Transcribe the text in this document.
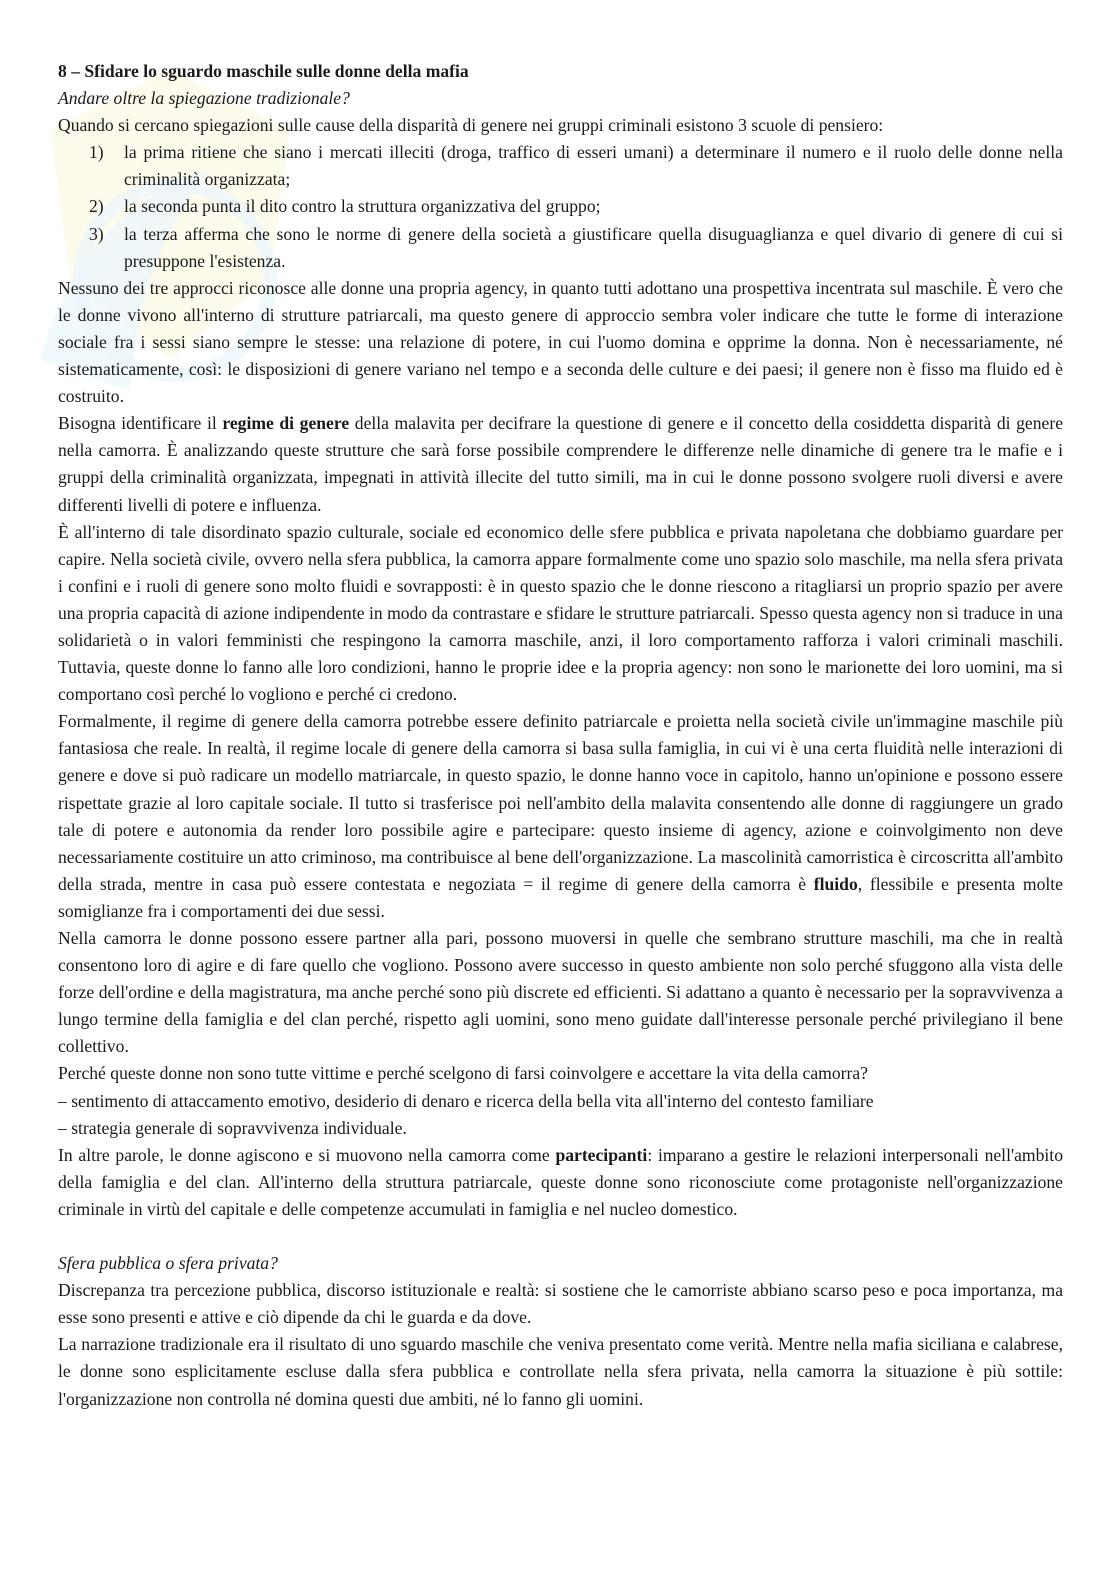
8 – Sfidare lo sguardo maschile sulle donne della mafia

Andare oltre la spiegazione tradizionale?

Quando si cercano spiegazioni sulle cause della disparità di genere nei gruppi criminali esistono 3 scuole di pensiero:

1) la prima ritiene che siano i mercati illeciti (droga, traffico di esseri umani) a determinare il numero e il ruolo delle donne nella criminalità organizzata;
2) la seconda punta il dito contro la struttura organizzativa del gruppo;
3) la terza afferma che sono le norme di genere della società a giustificare quella disuguaglianza e quel divario di genere di cui si presuppone l'esistenza.

Nessuno dei tre approcci riconosce alle donne una propria agency, in quanto tutti adottano una prospettiva incentrata sul maschile. È vero che le donne vivono all'interno di strutture patriarcali, ma questo genere di approccio sembra voler indicare che tutte le forme di interazione sociale fra i sessi siano sempre le stesse: una relazione di potere, in cui l'uomo domina e opprime la donna. Non è necessariamente, né sistematicamente, così: le disposizioni di genere variano nel tempo e a seconda delle culture e dei paesi; il genere non è fisso ma fluido ed è costruito.

Bisogna identificare il regime di genere della malavita per decifrare la questione di genere e il concetto della cosiddetta disparità di genere nella camorra. È analizzando queste strutture che sarà forse possibile comprendere le differenze nelle dinamiche di genere tra le mafie e i gruppi della criminalità organizzata, impegnati in attività illecite del tutto simili, ma in cui le donne possono svolgere ruoli diversi e avere differenti livelli di potere e influenza.

È all'interno di tale disordinato spazio culturale, sociale ed economico delle sfere pubblica e privata napoletana che dobbiamo guardare per capire. Nella società civile, ovvero nella sfera pubblica, la camorra appare formalmente come uno spazio solo maschile, ma nella sfera privata i confini e i ruoli di genere sono molto fluidi e sovrapposti: è in questo spazio che le donne riescono a ritagliarsi un proprio spazio per avere una propria capacità di azione indipendente in modo da contrastare e sfidare le strutture patriarcali. Spesso questa agency non si traduce in una solidarietà o in valori femministi che respingono la camorra maschile, anzi, il loro comportamento rafforza i valori criminali maschili. Tuttavia, queste donne lo fanno alle loro condizioni, hanno le proprie idee e la propria agency: non sono le marionette dei loro uomini, ma si comportano così perché lo vogliono e perché ci credono.

Formalmente, il regime di genere della camorra potrebbe essere definito patriarcale e proietta nella società civile un'immagine maschile più fantasiosa che reale. In realtà, il regime locale di genere della camorra si basa sulla famiglia, in cui vi è una certa fluidità nelle interazioni di genere e dove si può radicare un modello matriarcale, in questo spazio, le donne hanno voce in capitolo, hanno un'opinione e possono essere rispettate grazie al loro capitale sociale. Il tutto si trasferisce poi nell'ambito della malavita consentendo alle donne di raggiungere un grado tale di potere e autonomia da render loro possibile agire e partecipare: questo insieme di agency, azione e coinvolgimento non deve necessariamente costituire un atto criminoso, ma contribuisce al bene dell'organizzazione. La mascolinità camorristica è circoscritta all'ambito della strada, mentre in casa può essere contestata e negoziata = il regime di genere della camorra è fluido, flessibile e presenta molte somiglianze fra i comportamenti dei due sessi.

Nella camorra le donne possono essere partner alla pari, possono muoversi in quelle che sembrano strutture maschili, ma che in realtà consentono loro di agire e di fare quello che vogliono. Possono avere successo in questo ambiente non solo perché sfuggono alla vista delle forze dell'ordine e della magistratura, ma anche perché sono più discrete ed efficienti. Si adattano a quanto è necessario per la sopravvivenza a lungo termine della famiglia e del clan perché, rispetto agli uomini, sono meno guidate dall'interesse personale perché privilegiano il bene collettivo.

Perché queste donne non sono tutte vittime e perché scelgono di farsi coinvolgere e accettare la vita della camorra?

– sentimento di attaccamento emotivo, desiderio di denaro e ricerca della bella vita all'interno del contesto familiare

– strategia generale di sopravvivenza individuale.

In altre parole, le donne agiscono e si muovono nella camorra come partecipanti: imparano a gestire le relazioni interpersonali nell'ambito della famiglia e del clan. All'interno della struttura patriarcale, queste donne sono riconosciute come protagoniste nell'organizzazione criminale in virtù del capitale e delle competenze accumulati in famiglia e nel nucleo domestico.

Sfera pubblica o sfera privata?

Discrepanza tra percezione pubblica, discorso istituzionale e realtà: si sostiene che le camorriste abbiano scarso peso e poca importanza, ma esse sono presenti e attive e ciò dipende da chi le guarda e da dove.

La narrazione tradizionale era il risultato di uno sguardo maschile che veniva presentato come verità. Mentre nella mafia siciliana e calabrese, le donne sono esplicitamente escluse dalla sfera pubblica e controllate nella sfera privata, nella camorra la situazione è più sottile: l'organizzazione non controlla né domina questi due ambiti, né lo fanno gli uomini.
